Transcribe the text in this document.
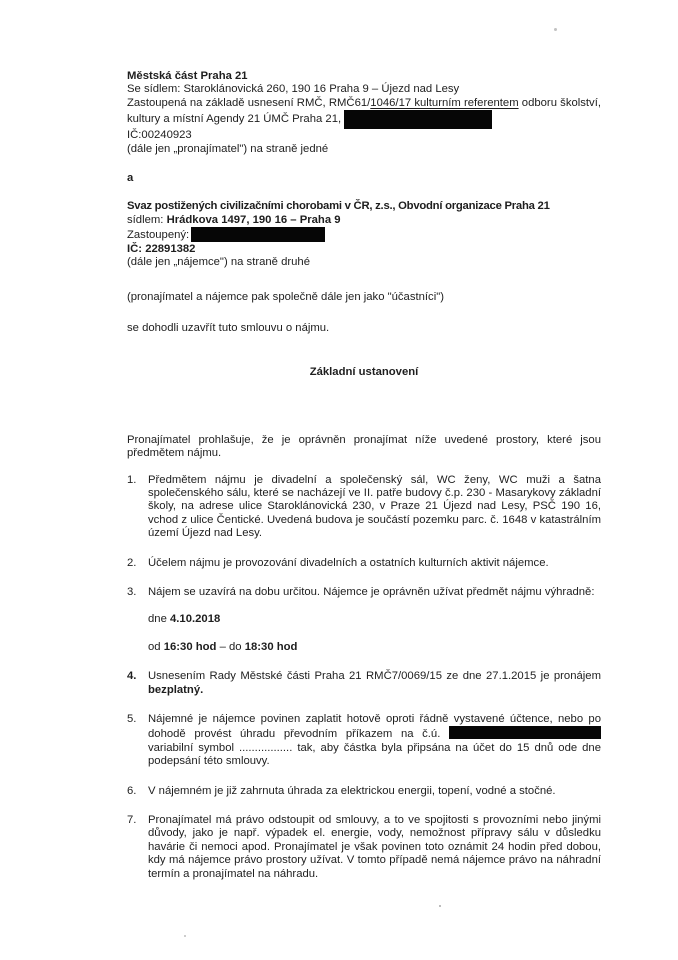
Městská část Praha 21
Se sídlem: Staroklánovická 260, 190 16 Praha 9 – Újezd nad Lesy
Zastoupená na základě usnesení RMČ, RMČ61/1046/17 kulturním referentem odboru školství, kultury a místní Agendy 21 ÚMČ Praha 21,
IČ:00240923
(dále jen „pronajímatel") na straně jedné
a
Svaz postižených civilizačními chorobami v ČR, z.s., Obvodní organizace Praha 21
sídlem: Hrádkova 1497, 190 16 – Praha 9
Zastoupený:
IČ: 22891382
(dále jen „nájemce") na straně druhé
(pronajímatel a nájemce pak společně dále jen jako "účastníci")
se dohodli uzavřít tuto smlouvu o nájmu.
Základní ustanovení
Pronajímatel prohlašuje, že je oprávněn pronajímat níže uvedené prostory, které jsou předmětem nájmu.
1.	Předmětem nájmu je divadelní a společenský sál, WC ženy, WC muži a šatna společenského sálu, které se nacházejí ve II. patře budovy č.p. 230 - Masarykovy základní školy, na adrese ulice Staroklánovická 230, v Praze 21 Újezd nad Lesy, PSČ 190 16, vchod z ulice Čentické. Uvedená budova je součástí pozemku parc. č. 1648 v katastrálním území Újezd nad Lesy.
2.	Účelem nájmu je provozování divadelních a ostatních kulturních aktivit nájemce.
3.	Nájem se uzavírá na dobu určitou. Nájemce je oprávněn užívat předmět nájmu výhradně:
dne 4.10.2018
od 16:30 hod – do 18:30 hod
4.	Usnesením Rady Městské části Praha 21 RMČ7/0069/15 ze dne 27.1.2015 je pronájem bezplatný.
5.	Nájemné je nájemce povinen zaplatit hotově oproti řádně vystavené účtence, nebo po dohodě provést úhradu převodním příkazem na č.ú.  variabilní symbol ................. tak, aby částka byla připsána na účet do 15 dnů ode dne podepsání této smlouvy.
6.	V nájemném je již zahrnuta úhrada za elektrickou energii, topení, vodné a stočné.
7.	Pronajímatel má právo odstoupit od smlouvy, a to ve spojitosti s provozními nebo jinými důvody, jako je např. výpadek el. energie, vody, nemožnost přípravy sálu v důsledku havárie či nemoci apod. Pronajímatel je však povinen toto oznámit 24 hodin před dobou, kdy má nájemce právo prostory užívat. V tomto případě nemá nájemce právo na náhradní termín a pronajímatel na náhradu.
